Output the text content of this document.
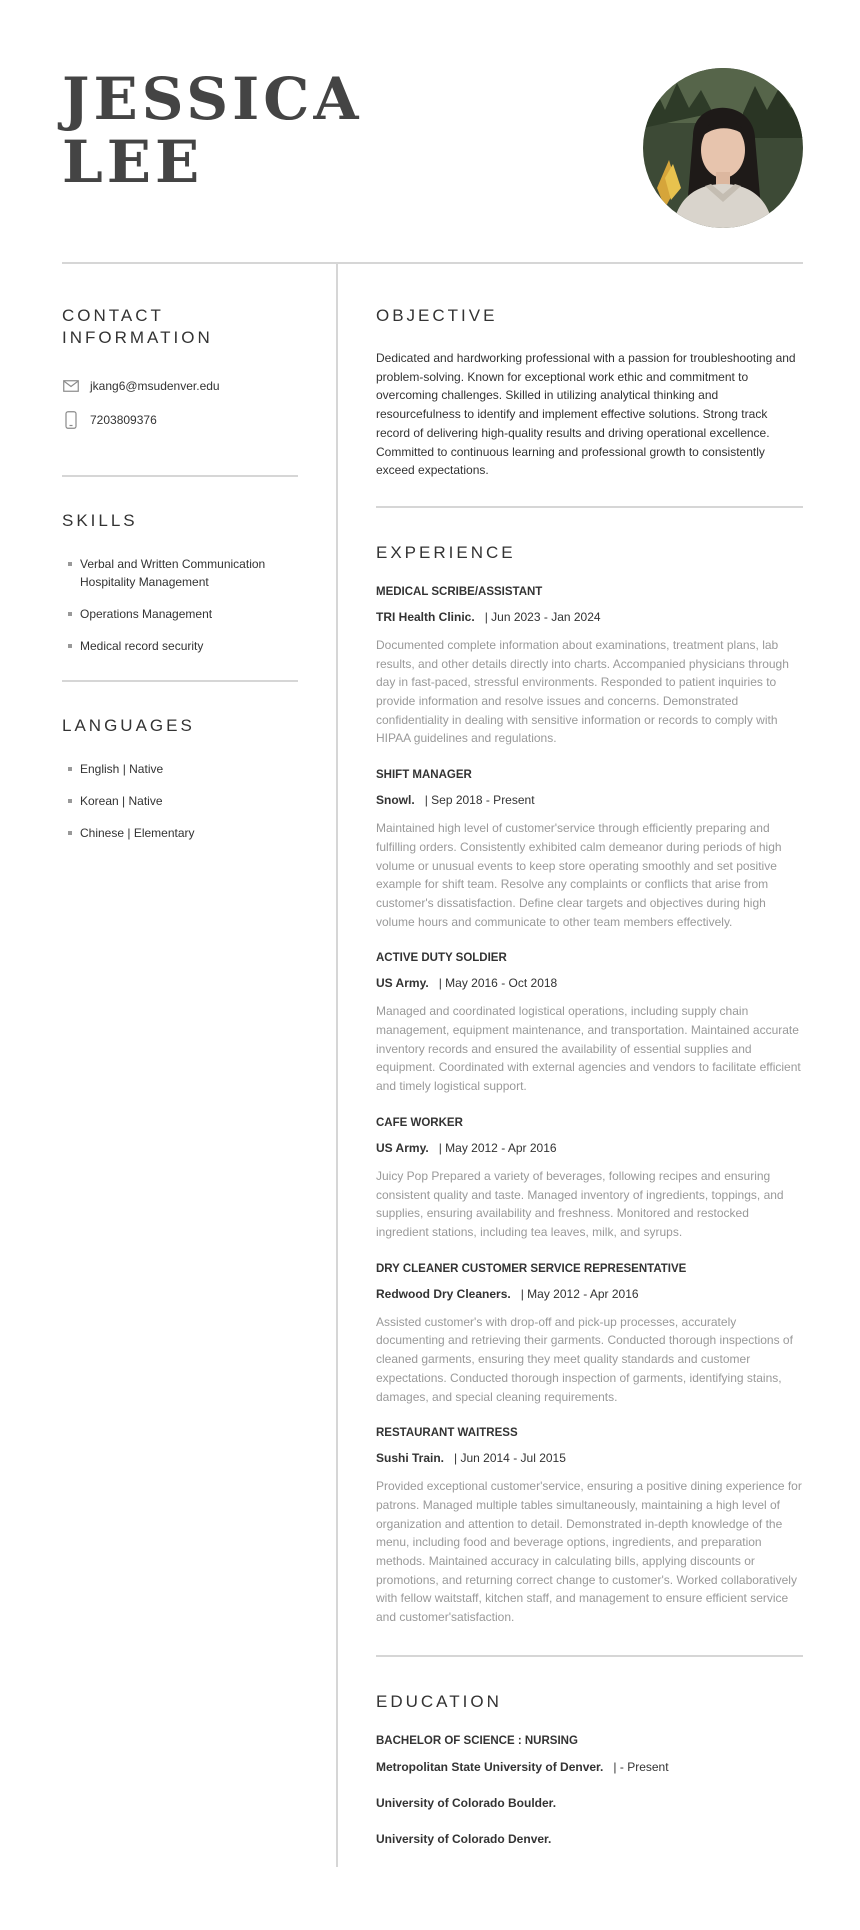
JESSICA
LEE
CONTACT INFORMATION
jkang6@msudenver.edu
7203809376
SKILLS
Verbal and Written Communication Hospitality Management
Operations Management
Medical record security
LANGUAGES
English | Native
Korean | Native
Chinese | Elementary
OBJECTIVE

Dedicated and hardworking professional with a passion for troubleshooting and problem-solving. Known for exceptional work ethic and commitment to overcoming challenges. Skilled in utilizing analytical thinking and resourcefulness to identify and implement effective solutions. Strong track record of delivering high-quality results and driving operational excellence. Committed to continuous learning and professional growth to consistently exceed expectations.

EXPERIENCE

MEDICAL SCRIBE/ASSISTANT

TRI Health Clinic. | Jun 2023 - Jan 2024

Documented complete information about examinations, treatment plans, lab results, and other details directly into charts. Accompanied physicians through day in fast-paced, stressful environments. Responded to patient inquiries to provide information and resolve issues and concerns. Demonstrated confidentiality in dealing with sensitive information or records to comply with HIPAA guidelines and regulations.

SHIFT MANAGER

Snowl. | Sep 2018 - Present

Maintained high level of customer'service through efficiently preparing and fulfilling orders. Consistently exhibited calm demeanor during periods of high volume or unusual events to keep store operating smoothly and set positive example for shift team. Resolve any complaints or conflicts that arise from customer's dissatisfaction. Define clear targets and objectives during high volume hours and communicate to other team members effectively.

ACTIVE DUTY SOLDIER

US Army. | May 2016 - Oct 2018

Managed and coordinated logistical operations, including supply chain management, equipment maintenance, and transportation. Maintained accurate inventory records and ensured the availability of essential supplies and equipment. Coordinated with external agencies and vendors to facilitate efficient and timely logistical support.

CAFE WORKER

US Army. | May 2012 - Apr 2016

Juicy Pop Prepared a variety of beverages, following recipes and ensuring consistent quality and taste. Managed inventory of ingredients, toppings, and supplies, ensuring availability and freshness. Monitored and restocked ingredient stations, including tea leaves, milk, and syrups.

DRY CLEANER CUSTOMER SERVICE REPRESENTATIVE

Redwood Dry Cleaners. | May 2012 - Apr 2016

Assisted customer's with drop-off and pick-up processes, accurately documenting and retrieving their garments. Conducted thorough inspections of cleaned garments, ensuring they meet quality standards and customer expectations. Conducted thorough inspection of garments, identifying stains, damages, and special cleaning requirements.

RESTAURANT WAITRESS

Sushi Train. | Jun 2014 - Jul 2015

Provided exceptional customer'service, ensuring a positive dining experience for patrons. Managed multiple tables simultaneously, maintaining a high level of organization and attention to detail. Demonstrated in-depth knowledge of the menu, including food and beverage options, ingredients, and preparation methods. Maintained accuracy in calculating bills, applying discounts or promotions, and returning correct change to customer's. Worked collaboratively with fellow waitstaff, kitchen staff, and management to ensure efficient service and customer'satisfaction.

EDUCATION

BACHELOR OF SCIENCE : NURSING

Metropolitan State University of Denver. | - Present

University of Colorado Boulder.

University of Colorado Denver.
